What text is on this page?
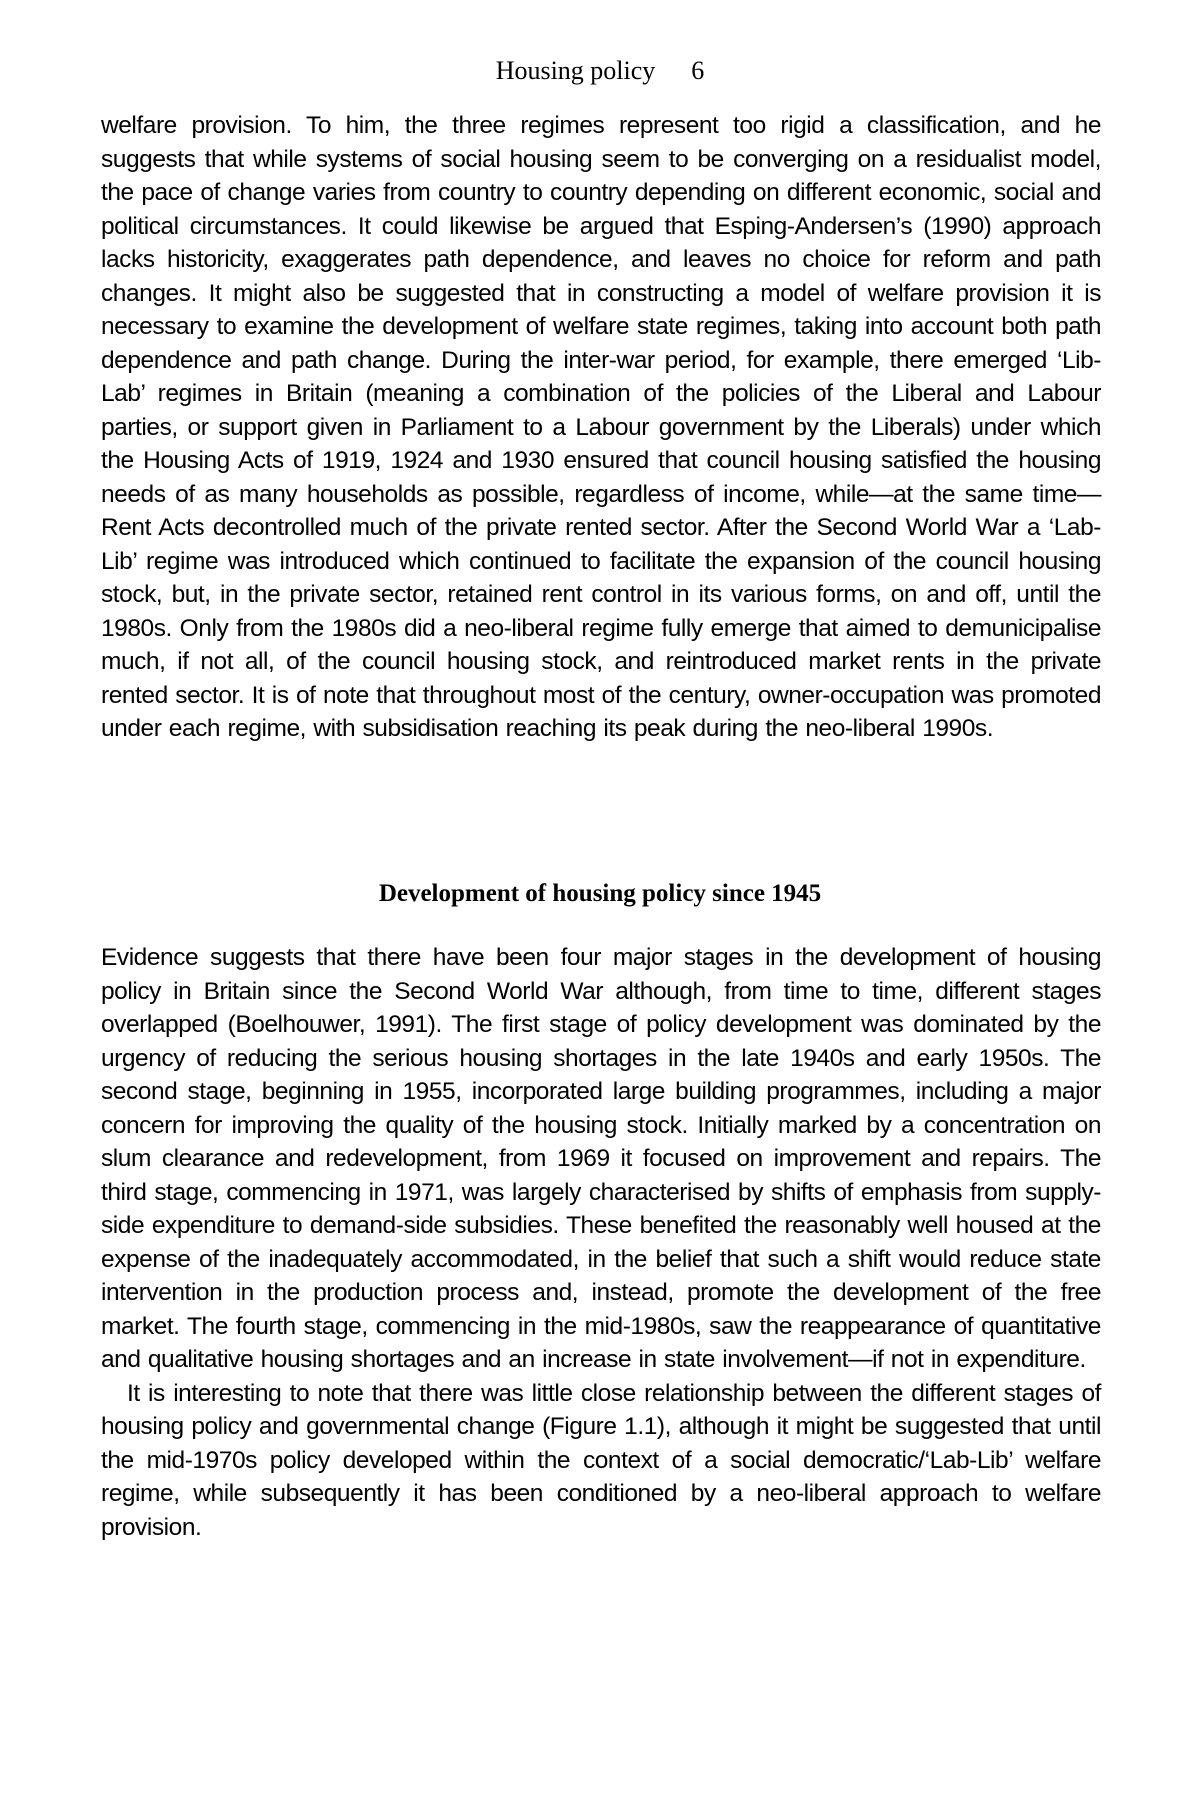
Housing policy 6

welfare provision. To him, the three regimes represent too rigid a classification, and he suggests that while systems of social housing seem to be converging on a residualist model, the pace of change varies from country to country depending on different economic, social and political circumstances. It could likewise be argued that Esping-Andersen’s (1990) approach lacks historicity, exaggerates path dependence, and leaves no choice for reform and path changes. It might also be suggested that in constructing a model of welfare provision it is necessary to examine the development of welfare state regimes, taking into account both path dependence and path change. During the inter-war period, for example, there emerged ‘Lib-Lab’ regimes in Britain (meaning a combination of the policies of the Liberal and Labour parties, or support given in Parliament to a Labour government by the Liberals) under which the Housing Acts of 1919, 1924 and 1930 ensured that council housing satisfied the housing needs of as many households as possible, regardless of income, while—at the same time—Rent Acts decontrolled much of the private rented sector. After the Second World War a ‘Lab-Lib’ regime was introduced which continued to facilitate the expansion of the council housing stock, but, in the private sector, retained rent control in its various forms, on and off, until the 1980s. Only from the 1980s did a neo-liberal regime fully emerge that aimed to demunicipalise much, if not all, of the council housing stock, and reintroduced market rents in the private rented sector. It is of note that throughout most of the century, owner-occupation was promoted under each regime, with subsidisation reaching its peak during the neo-liberal 1990s.

Development of housing policy since 1945

Evidence suggests that there have been four major stages in the development of housing policy in Britain since the Second World War although, from time to time, different stages overlapped (Boelhouwer, 1991). The first stage of policy development was dominated by the urgency of reducing the serious housing shortages in the late 1940s and early 1950s. The second stage, beginning in 1955, incorporated large building programmes, including a major concern for improving the quality of the housing stock. Initially marked by a concentration on slum clearance and redevelopment, from 1969 it focused on improvement and repairs. The third stage, commencing in 1971, was largely characterised by shifts of emphasis from supply-side expenditure to demand-side subsidies. These benefited the reasonably well housed at the expense of the inadequately accommodated, in the belief that such a shift would reduce state intervention in the production process and, instead, promote the development of the free market. The fourth stage, commencing in the mid-1980s, saw the reappearance of quantitative and qualitative housing shortages and an increase in state involvement—if not in expenditure.

It is interesting to note that there was little close relationship between the different stages of housing policy and governmental change (Figure 1.1), although it might be suggested that until the mid-1970s policy developed within the context of a social democratic/‘Lab-Lib’ welfare regime, while subsequently it has been conditioned by a neo-liberal approach to welfare provision.
